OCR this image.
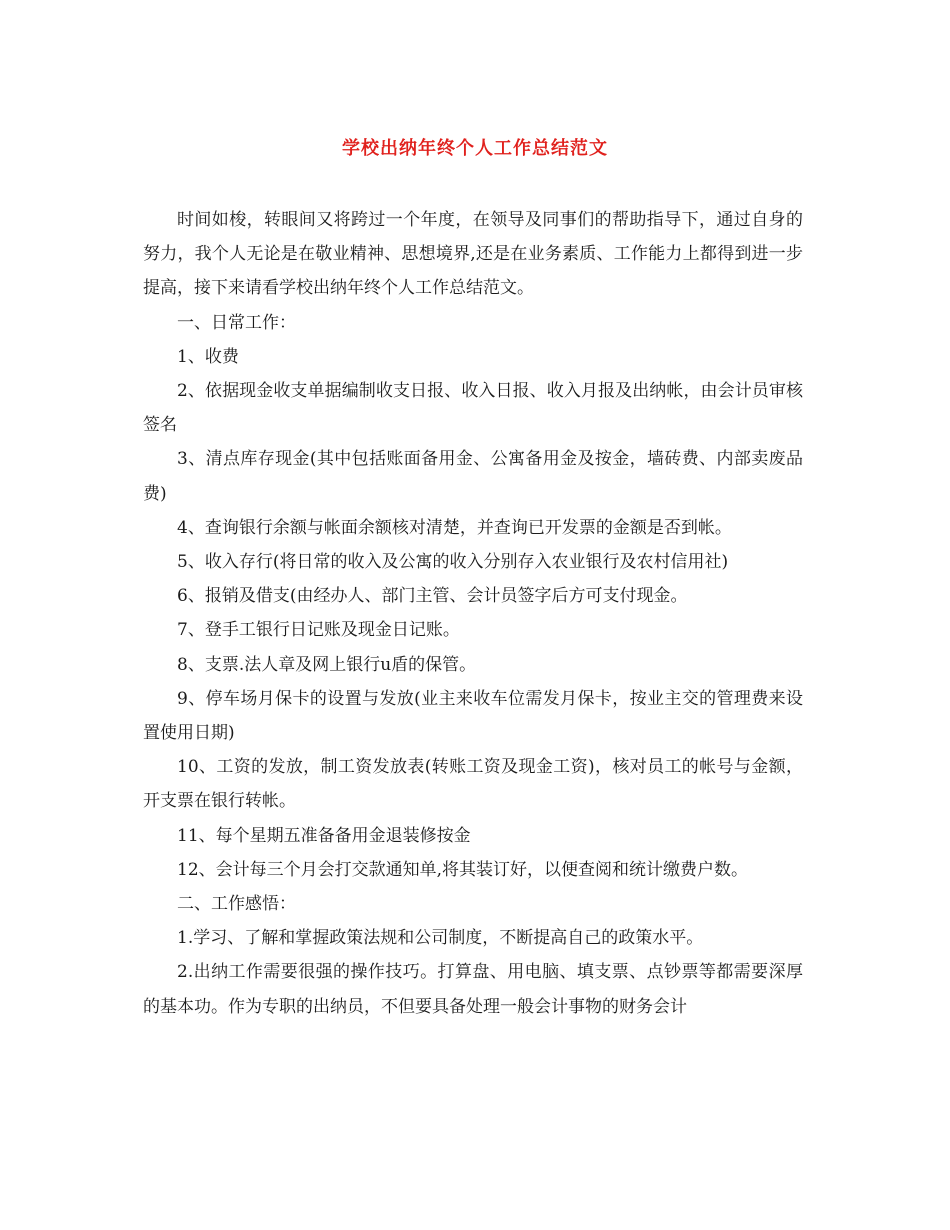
学校出纳年终个人工作总结范文

时间如梭，转眼间又将跨过一个年度，在领导及同事们的帮助指导下，通过自身的努力，我个人无论是在敬业精神、思想境界,还是在业务素质、工作能力上都得到进一步提高，接下来请看学校出纳年终个人工作总结范文。

一、日常工作：

1、收费

2、依据现金收支单据编制收支日报、收入日报、收入月报及出纳帐，由会计员审核签名

3、清点库存现金(其中包括账面备用金、公寓备用金及按金，墙砖费、内部卖废品费)

4、查询银行余额与帐面余额核对清楚，并查询已开发票的金额是否到帐。

5、收入存行(将日常的收入及公寓的收入分别存入农业银行及农村信用社)

6、报销及借支(由经办人、部门主管、会计员签字后方可支付现金。

7、登手工银行日记账及现金日记账。

8、支票.法人章及网上银行u盾的保管。

9、停车场月保卡的设置与发放(业主来收车位需发月保卡，按业主交的管理费来设置使用日期)

10、工资的发放，制工资发放表(转账工资及现金工资)，核对员工的帐号与金额，开支票在银行转帐。

11、每个星期五准备备用金退装修按金

12、会计每三个月会打交款通知单,将其装订好，以便查阅和统计缴费户数。

二、工作感悟：

1.学习、了解和掌握政策法规和公司制度，不断提高自己的政策水平。

2.出纳工作需要很强的操作技巧。打算盘、用电脑、填支票、点钞票等都需要深厚的基本功。作为专职的出纳员，不但要具备处理一般会计事物的财务会计
